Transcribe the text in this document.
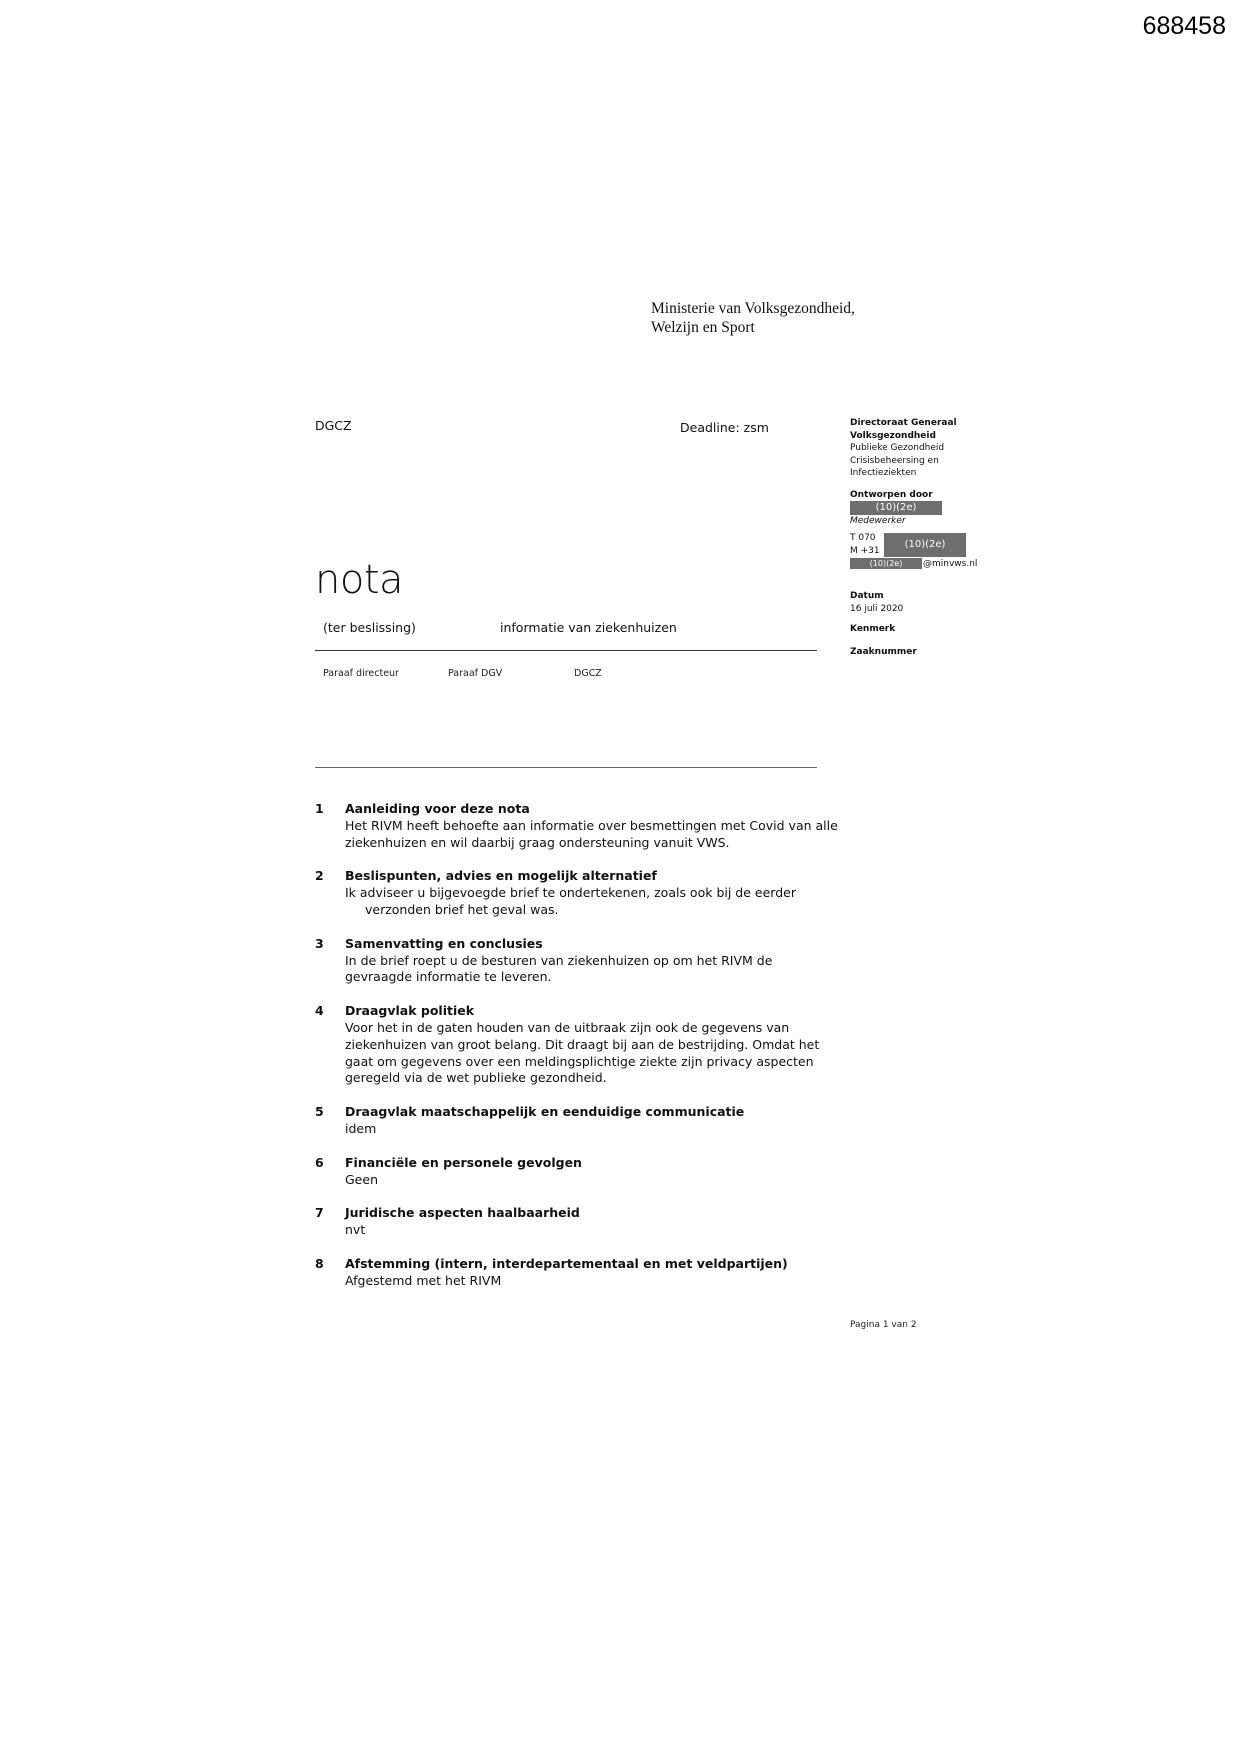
688458
Ministerie van Volksgezondheid,
Welzijn en Sport
DGCZ	Deadline: zsm	Directoraat Generaal
Volksgezondheid
Publieke Gezondheid
Crisisbeheersing en
Infectieziekten
Ontworpen door
(10)(2e)
Medewerker
T 070
M +31
(10)(2e)
(10)(2e)	@minvws.nl
Datum
16 juli 2020
Kenmerk
Zaaknummer
nota
(ter beslissing)	informatie van ziekenhuizen
Paraaf directeur	Paraaf DGV	DGCZ
1 Aanleiding voor deze nota
Het RIVM heeft behoefte aan informatie over besmettingen met Covid van alle
ziekenhuizen en wil daarbij graag ondersteuning vanuit VWS.
2 Beslispunten, advies en mogelijk alternatief
Ik adviseer u bijgevoegde brief te ondertekenen, zoals ook bij de eerder
verzonden brief het geval was.
3 Samenvatting en conclusies
In de brief roept u de besturen van ziekenhuizen op om het RIVM de
gevraagde informatie te leveren.
4 Draagvlak politiek
Voor het in de gaten houden van de uitbraak zijn ook de gegevens van
ziekenhuizen van groot belang. Dit draagt bij aan de bestrijding. Omdat het
gaat om gegevens over een meldingsplichtige ziekte zijn privacy aspecten
geregeld via de wet publieke gezondheid.
5 Draagvlak maatschappelijk en eenduidige communicatie
idem
6 Financiële en personele gevolgen
Geen
7 Juridische aspecten haalbaarheid
nvt
8 Afstemming (intern, interdepartementaal en met veldpartijen)
Afgestemd met het RIVM
Pagina 1 van 2
